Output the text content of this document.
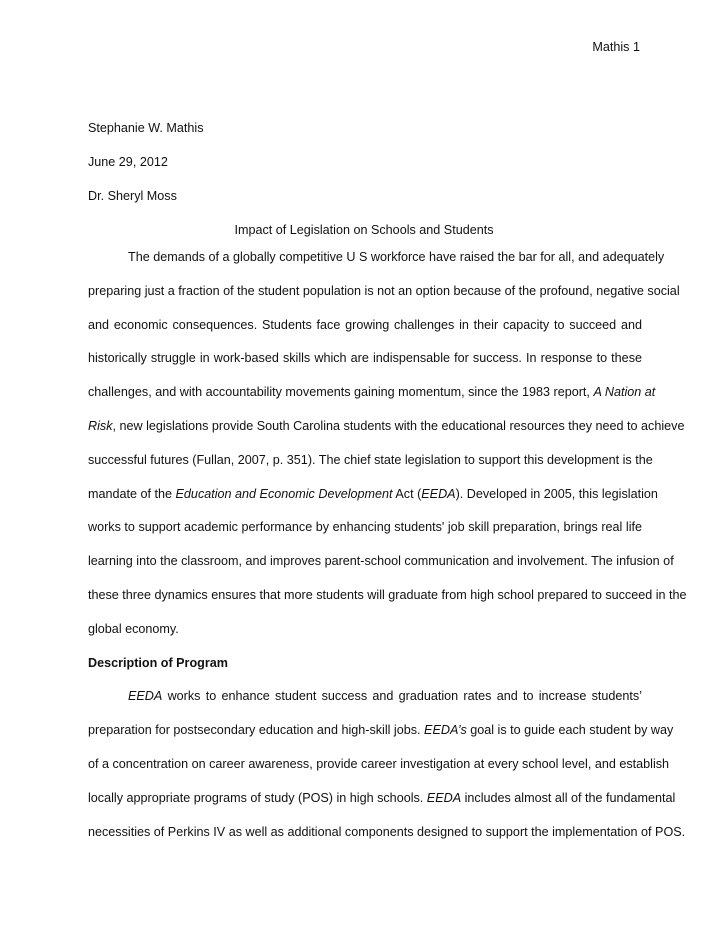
Mathis 1
Stephanie W. Mathis
June 29, 2012
Dr. Sheryl Moss
Impact of Legislation on Schools and Students
The demands of a globally competitive U S workforce have raised the bar for all, and adequately
preparing just a fraction of the student population is not an option because of the profound, negative social
and economic consequences. Students face growing challenges in their capacity to succeed and
historically struggle in work-based skills which are indispensable for success. In response to these
challenges, and with accountability movements gaining momentum, since the 1983 report, A Nation at
Risk, new legislations provide South Carolina students with the educational resources they need to achieve
successful futures (Fullan, 2007, p. 351). The chief state legislation to support this development is the
mandate of the Education and Economic Development Act (EEDA). Developed in 2005, this legislation
works to support academic performance by enhancing students' job skill preparation, brings real life
learning into the classroom, and improves parent-school communication and involvement. The infusion of
these three dynamics ensures that more students will graduate from high school prepared to succeed in the
global economy.
Description of Program
EEDA works to enhance student success and graduation rates and to increase students’
preparation for postsecondary education and high-skill jobs. EEDA’s goal is to guide each student by way
of a concentration on career awareness, provide career investigation at every school level, and establish
locally appropriate programs of study (POS) in high schools. EEDA includes almost all of the fundamental
necessities of Perkins IV as well as additional components designed to support the implementation of POS.
